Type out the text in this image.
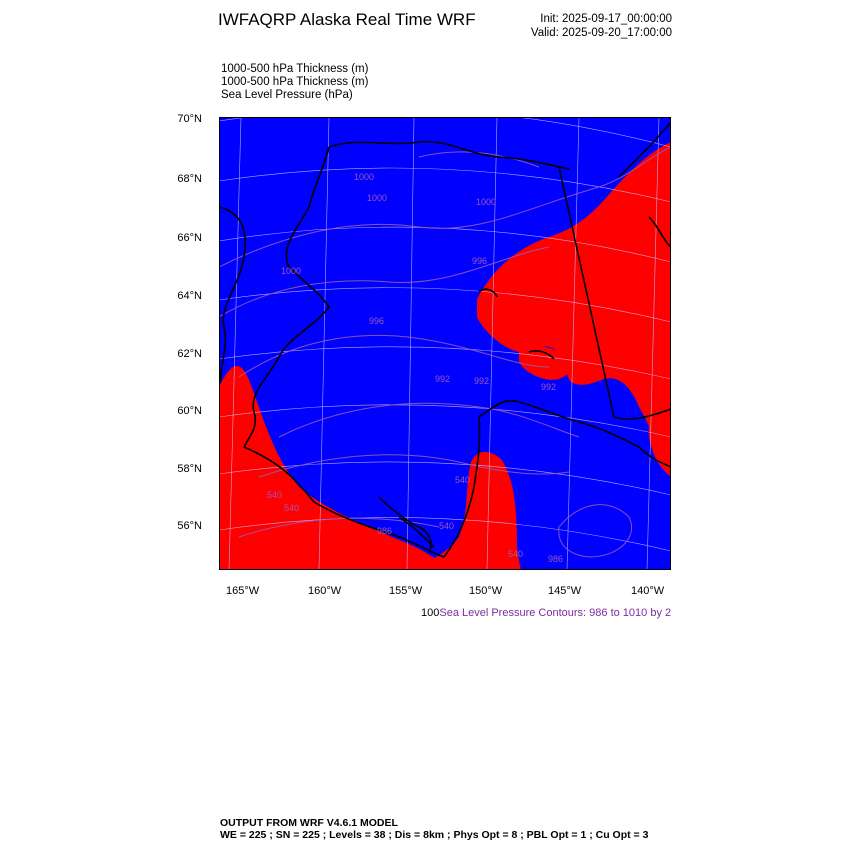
IWFAQRP Alaska Real Time WRF	Init: 2025-09-17_00:00:00
Valid: 2025-09-20_17:00:00
1000-500 hPa Thickness (m)
1000-500 hPa Thickness (m)
Sea Level Pressure (hPa)
1000
1000	1000
1000
996
996
992	992
992
540
540
540
540
540
986
986
70°N
68°N
66°N
64°N
62°N
60°N
58°N
56°N
165°W	160°W	155°W	150°W	145°W	140°W
100Sea Level Pressure Contours: 986 to 1010 by 2
OUTPUT FROM WRF V4.6.1 MODEL
WE = 225 ; SN = 225 ; Levels = 38 ; Dis = 8km ; Phys Opt = 8 ; PBL Opt = 1 ; Cu Opt = 3
